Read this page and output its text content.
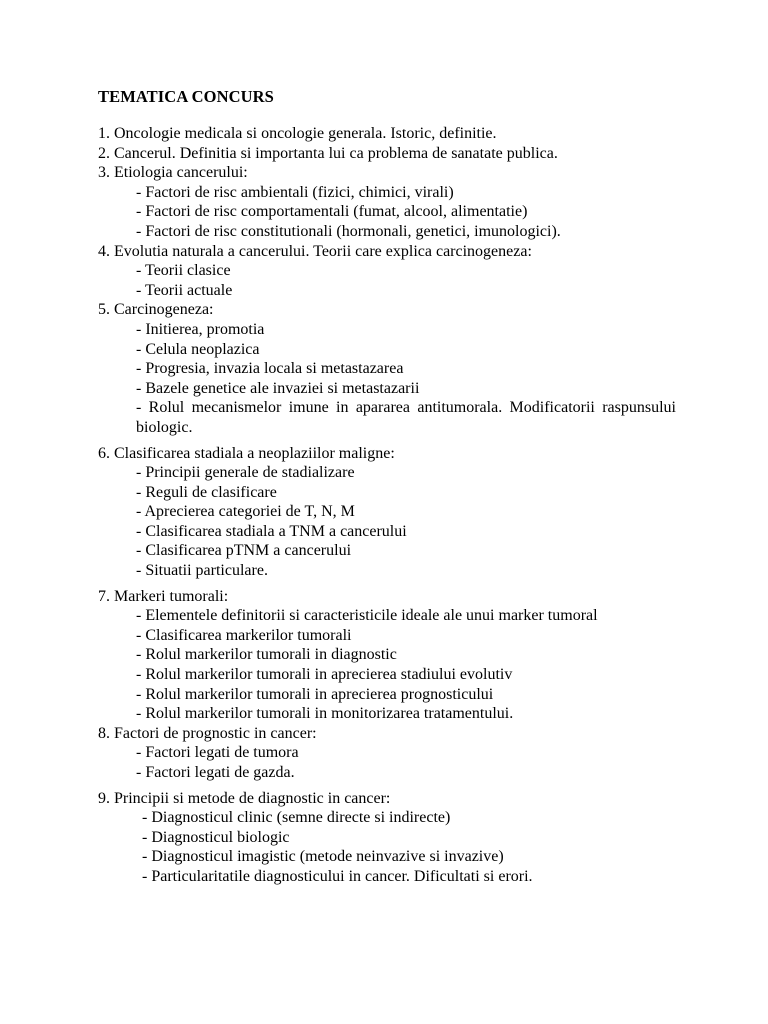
TEMATICA CONCURS
1. Oncologie medicala si oncologie generala. Istoric, definitie.
2. Cancerul. Definitia si importanta lui ca problema de sanatate publica.
3. Etiologia cancerului:
- Factori de risc ambientali (fizici, chimici, virali)
- Factori de risc comportamentali (fumat, alcool, alimentatie)
- Factori de risc constitutionali (hormonali, genetici, imunologici).
4. Evolutia naturala a cancerului. Teorii care explica carcinogeneza:
- Teorii clasice
- Teorii actuale
5. Carcinogeneza:
- Initierea, promotia
- Celula neoplazica
- Progresia, invazia locala si metastazarea
- Bazele genetice ale invaziei si metastazarii
- Rolul mecanismelor imune in apararea antitumorala. Modificatorii raspunsului biologic.
6. Clasificarea stadiala a neoplaziilor maligne:
- Principii generale de stadializare
- Reguli de clasificare
- Aprecierea categoriei de T, N, M
- Clasificarea stadiala a TNM a cancerului
- Clasificarea pTNM a cancerului
- Situatii particulare.
7. Markeri tumorali:
- Elementele definitorii si caracteristicile ideale ale unui marker tumoral
- Clasificarea markerilor tumorali
- Rolul markerilor tumorali in diagnostic
- Rolul markerilor tumorali in aprecierea stadiului evolutiv
- Rolul markerilor tumorali in aprecierea prognosticului
- Rolul markerilor tumorali in monitorizarea tratamentului.
8. Factori de prognostic in cancer:
- Factori legati de tumora
- Factori legati de gazda.
9. Principii si metode de diagnostic in cancer:
- Diagnosticul clinic (semne directe si indirecte)
- Diagnosticul biologic
- Diagnosticul imagistic (metode neinvazive si invazive)
- Particularitatile diagnosticului in cancer. Dificultati si erori.
